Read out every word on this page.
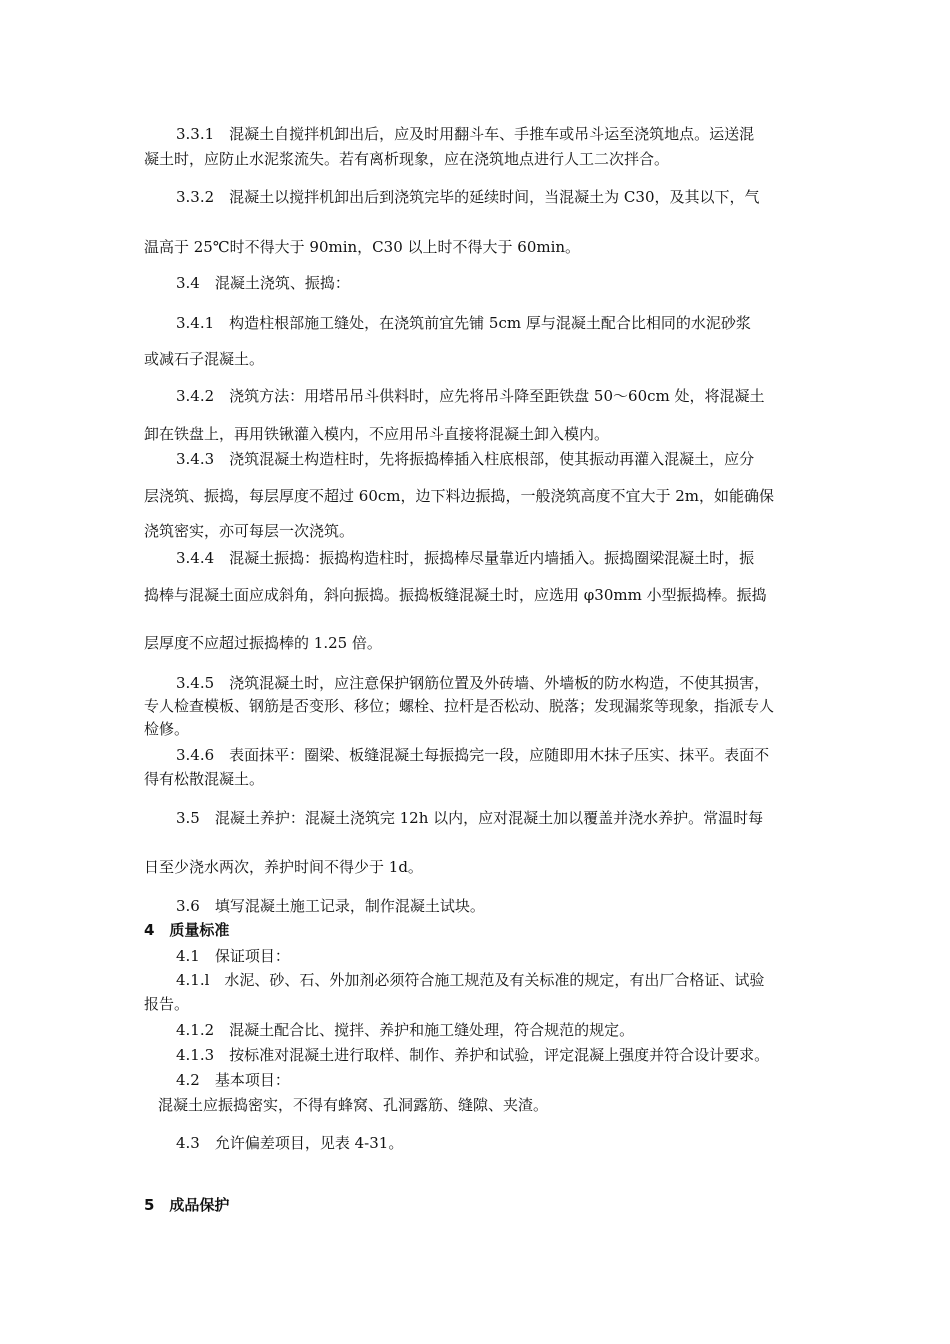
3.3.1　混凝土自搅拌机卸出后，应及时用翻斗车、手推车或吊斗运至浇筑地点。运送混

凝土时，应防止水泥浆流失。若有离析现象，应在浇筑地点进行人工二次拌合。

3.3.2　混凝土以搅拌机卸出后到浇筑完毕的延续时间，当混凝土为 C30，及其以下，气

温高于 25℃时不得大于 90min，C30 以上时不得大于 60min。

3.4　混凝土浇筑、振捣：

3.4.1　构造柱根部施工缝处，在浇筑前宜先铺 5cm 厚与混凝土配合比相同的水泥砂浆

或减石子混凝土。

3.4.2　浇筑方法：用塔吊吊斗供料时，应先将吊斗降至距铁盘 50～60cm 处，将混凝土

卸在铁盘上，再用铁锹灌入模内，不应用吊斗直接将混凝土卸入模内。

3.4.3　浇筑混凝土构造柱时，先将振捣棒插入柱底根部，使其振动再灌入混凝土，应分

层浇筑、振捣，每层厚度不超过 60cm，边下料边振捣，一般浇筑高度不宜大于 2m，如能确保

浇筑密实，亦可每层一次浇筑。

3.4.4　混凝土振捣：振捣构造柱时，振捣棒尽量靠近内墙插入。振捣圈梁混凝土时，振

捣棒与混凝土面应成斜角，斜向振捣。振捣板缝混凝土时，应选用 φ30mm 小型振捣棒。振捣

层厚度不应超过振捣棒的 1.25 倍。

3.4.5　浇筑混凝土时，应注意保护钢筋位置及外砖墙、外墙板的防水构造，不使其损害，

专人检查模板、钢筋是否变形、移位；螺栓、拉杆是否松动、脱落；发现漏浆等现象，指派专人

检修。

3.4.6　表面抹平：圈梁、板缝混凝土每振捣完一段，应随即用木抹子压实、抹平。表面不

得有松散混凝土。

3.5　混凝土养护：混凝土浇筑完 12h 以内，应对混凝土加以覆盖并浇水养护。常温时每

日至少浇水两次，养护时间不得少于 1d。

3.6　填写混凝土施工记录，制作混凝土试块。

4　质量标准

4.1　保证项目：

4.1.l　水泥、砂、石、外加剂必须符合施工规范及有关标准的规定，有出厂合格证、试验

报告。

4.1.2　混凝土配合比、搅拌、养护和施工缝处理，符合规范的规定。

4.1.3　按标准对混凝土进行取样、制作、养护和试验，评定混凝上强度并符合设计要求。

4.2　基本项目：

混凝土应振捣密实，不得有蜂窝、孔洞露筋、缝隙、夹渣。

4.3　允许偏差项目，见表 4-31。

5　成品保护
